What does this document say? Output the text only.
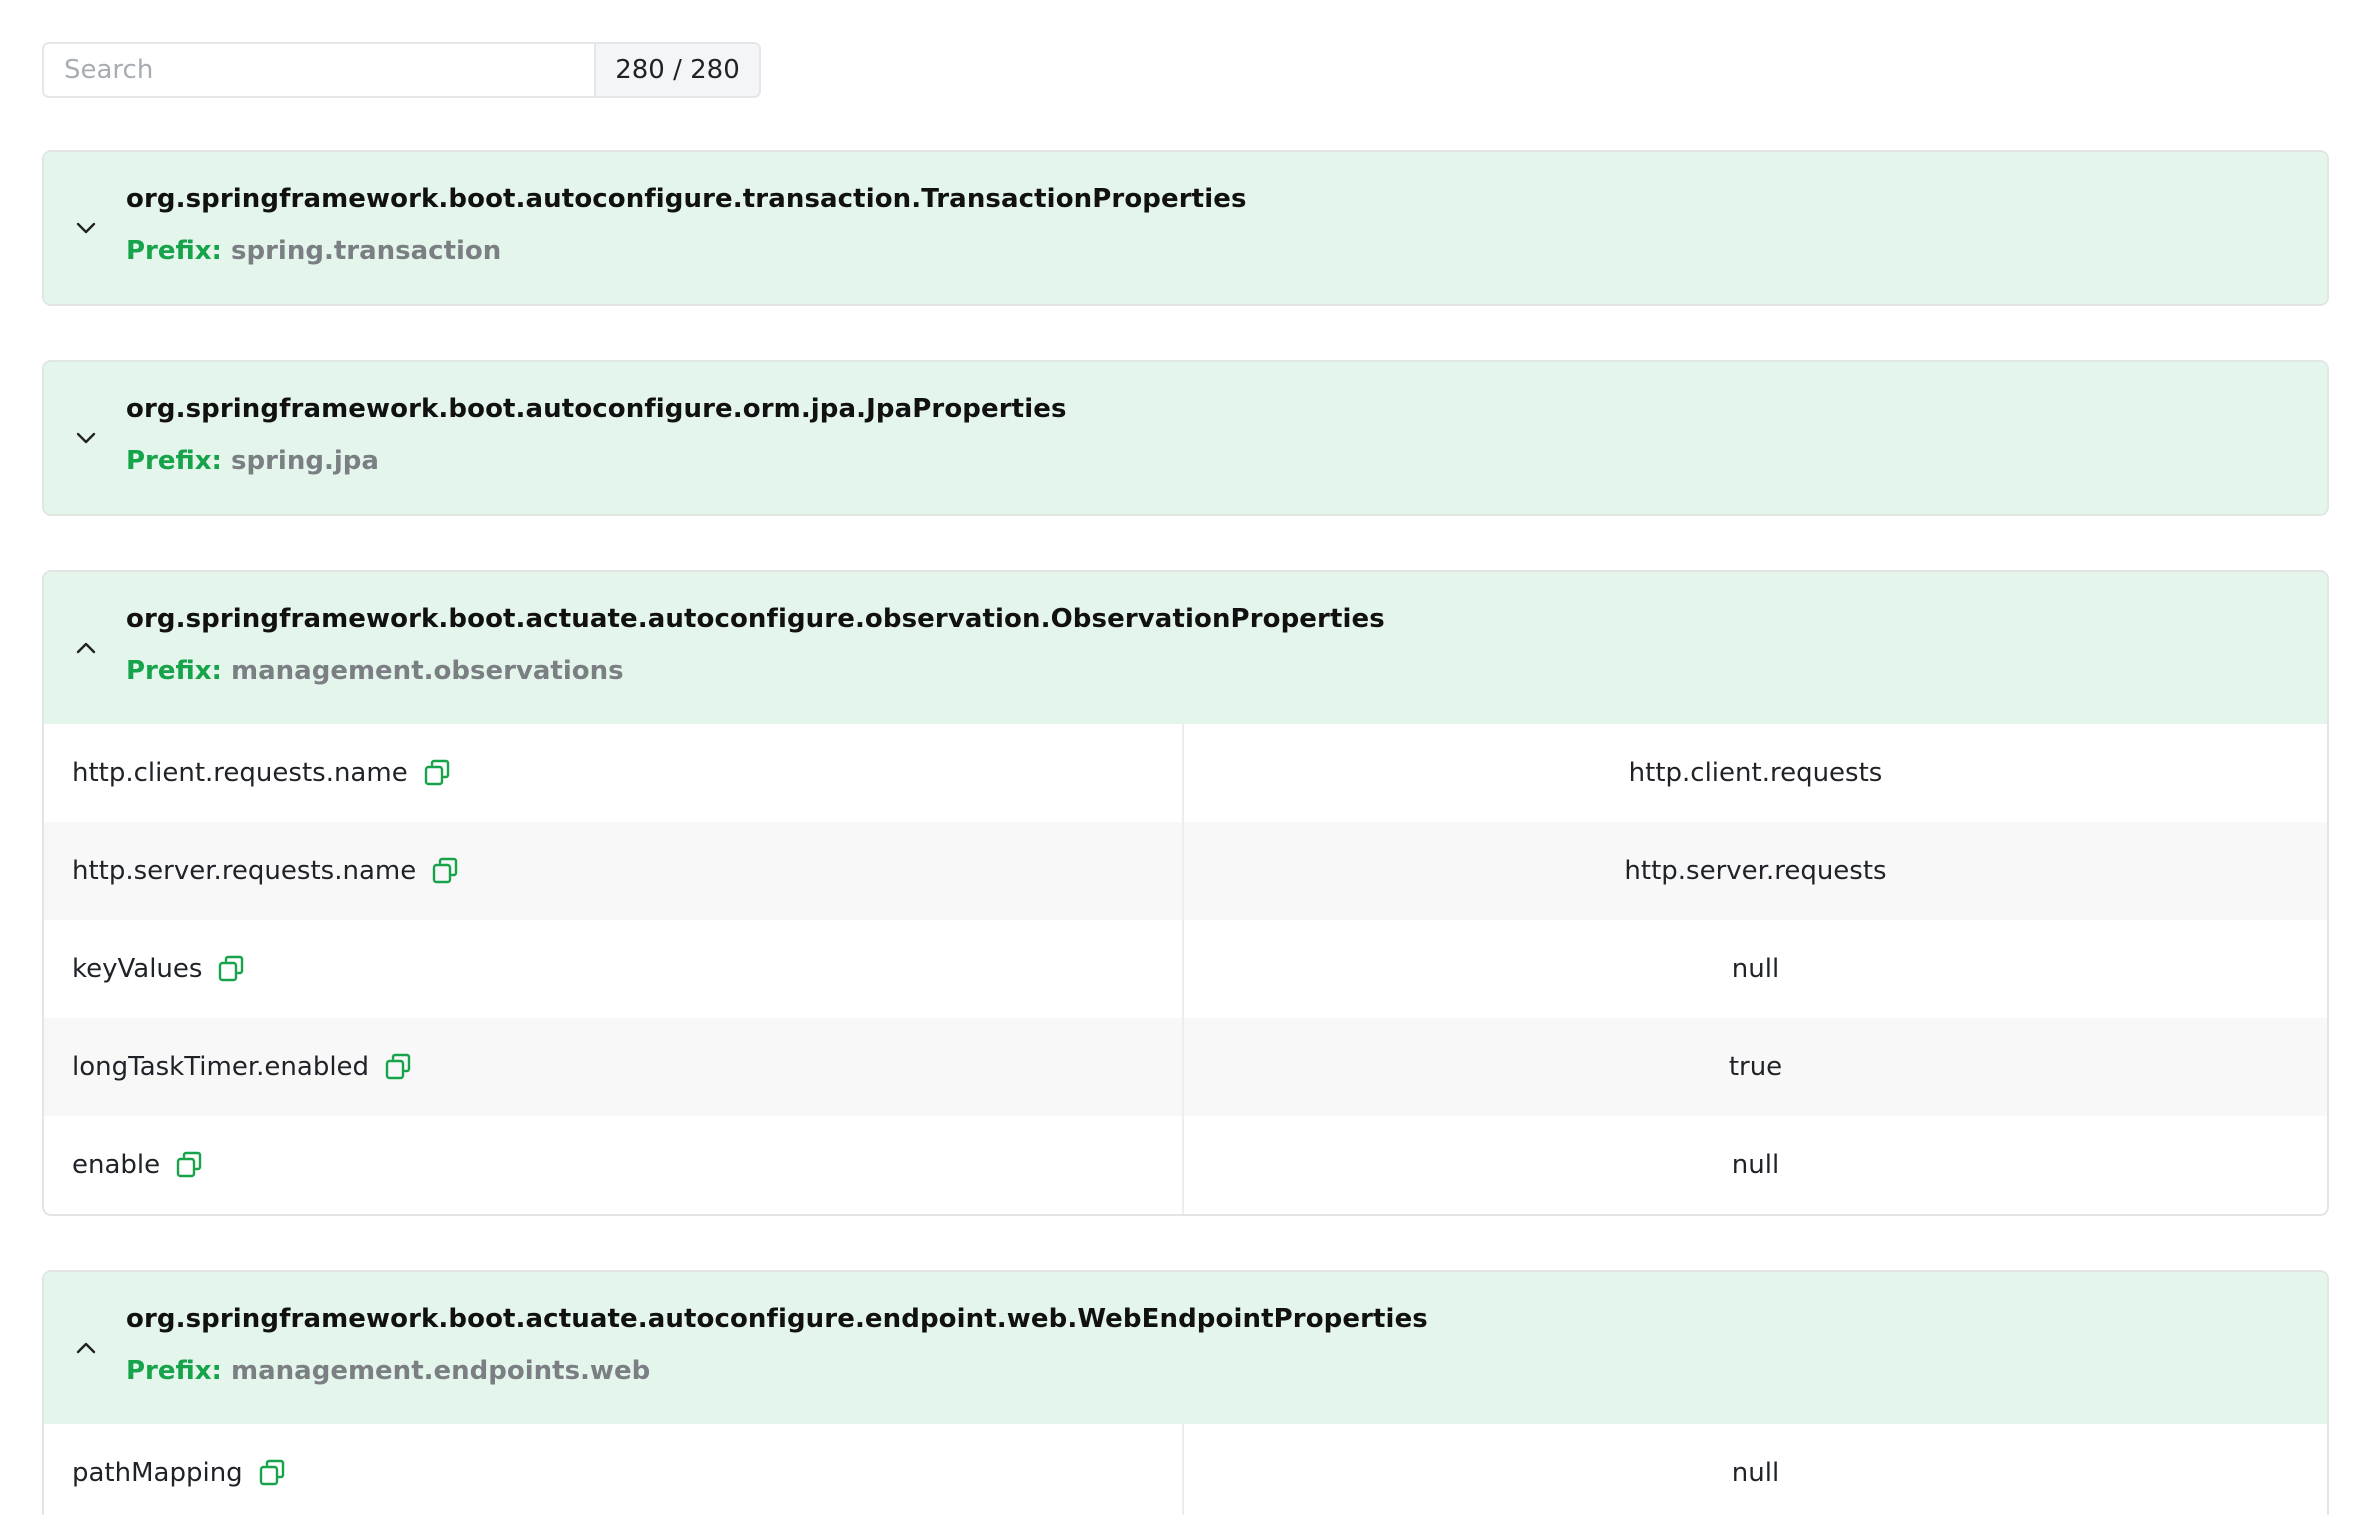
Search
280 / 280
org.springframework.boot.autoconfigure.transaction.TransactionProperties
Prefix: spring.transaction
org.springframework.boot.autoconfigure.orm.jpa.JpaProperties
Prefix: spring.jpa
org.springframework.boot.actuate.autoconfigure.observation.ObservationProperties
Prefix: management.observations
http.client.requests.name	http.client.requests
http.server.requests.name	http.server.requests
keyValues	null
longTaskTimer.enabled	true
enable	null
org.springframework.boot.actuate.autoconfigure.endpoint.web.WebEndpointProperties
Prefix: management.endpoints.web
pathMapping	null
